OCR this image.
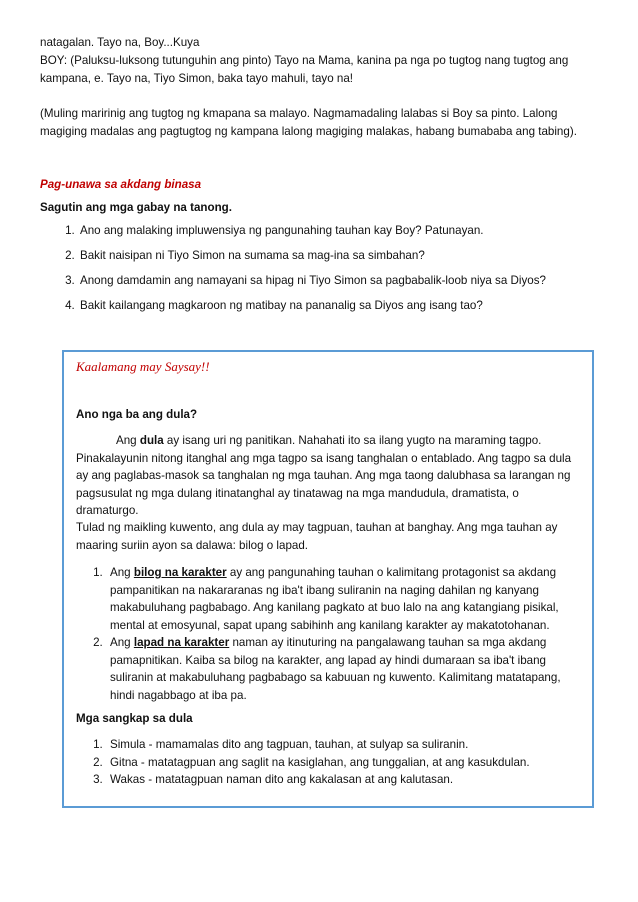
natagalan. Tayo na, Boy...Kuya

BOY: (Paluksu-luksong tutunguhin ang pinto) Tayo na Mama, kanina pa nga po tugtog nang tugtog ang kampana, e. Tayo na, Tiyo Simon, baka tayo mahuli, tayo na!

(Muling maririnig ang tugtog ng kmapana sa malayo. Nagmamadaling lalabas si Boy sa pinto. Lalong magiging madalas ang pagtugtog ng kampana lalong magiging malakas, habang bumababa ang tabing).

Pag-unawa sa akdang binasa

Sagutin ang mga gabay na tanong.

1. Ano ang malaking impluwensiya ng pangunahing tauhan kay Boy? Patunayan.
2. Bakit naisipan ni Tiyo Simon na sumama sa mag-ina sa simbahan?
3. Anong damdamin ang namayani sa hipag ni Tiyo Simon sa pagbabalik-loob niya sa Diyos?
4. Bakit kailangang magkaroon ng matibay na pananalig sa Diyos ang isang tao?
Kaalamang may Saysay!!
Ano nga ba ang dula?

Ang dula ay isang uri ng panitikan. Nahahati ito sa ilang yugto na maraming tagpo. Pinakalayunin nitong itanghal ang mga tagpo sa isang tanghalan o entablado. Ang tagpo sa dula ay ang paglabas-masok sa tanghalan ng mga tauhan. Ang mga taong dalubhasa sa larangan ng pagsusulat ng mga dulang itinatanghal ay tinatawag na mga mandudula, dramatista, o dramaturgo.

Tulad ng maikling kuwento, ang dula ay may tagpuan, tauhan at banghay. Ang mga tauhan ay maaring suriin ayon sa dalawa: bilog o lapad.

1. Ang bilog na karakter ay ang pangunahing tauhan o kalimitang protagonist sa akdang pampanitikan na nakararanas ng iba't ibang suliranin na naging dahilan ng kanyang makabuluhang pagbabago. Ang kanilang pagkato at buo lalo na ang katangiang pisikal, mental at emosyunal, sapat upang sabihinh ang kanilang karakter ay makatotohanan.
2. Ang lapad na karakter naman ay itinuturing na pangalawang tauhan sa mga akdang pamapnitikan. Kaiba sa bilog na karakter, ang lapad ay hindi dumaraan sa iba't ibang suliranin at makabuluhang pagbabago sa kabuuan ng kuwento. Kalimitang matatapang, hindi nagabbago at iba pa.
Mga sangkap sa dula
1. Simula - mamamalas dito ang tagpuan, tauhan, at sulyap sa suliranin.
2. Gitna - matatagpuan ang saglit na kasiglahan, ang tunggalian, at ang kasukdulan.
3. Wakas - matatagpuan naman dito ang kakalasan at ang kalutasan.
